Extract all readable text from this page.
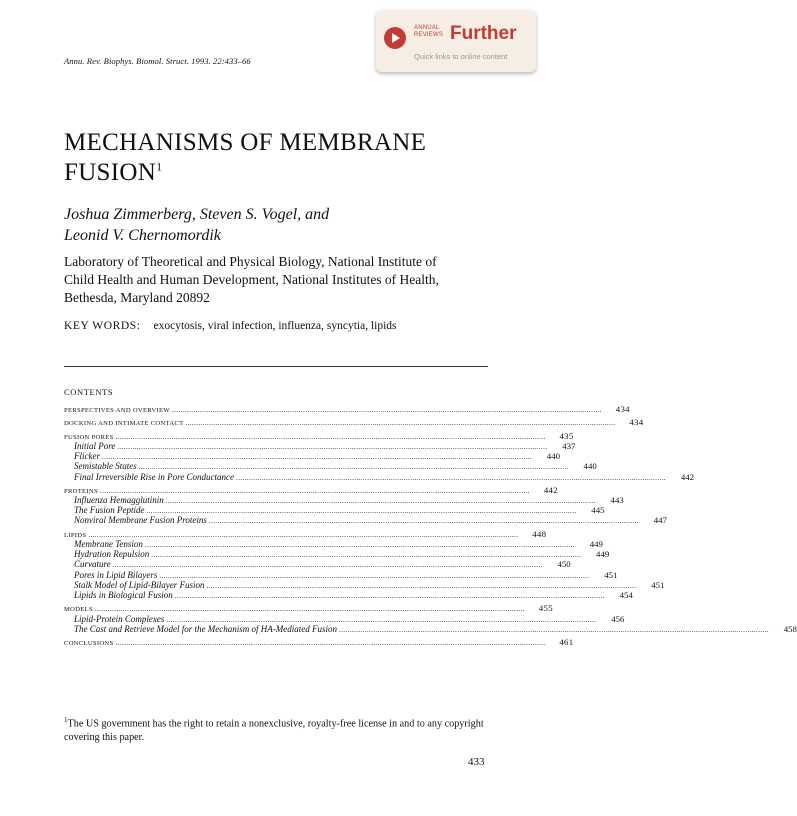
Annu. Rev. Biophys. Biomol. Struct. 1993. 22:433–66
ANNUAL
REVIEWS Further
Quick links to online content
MECHANISMS OF MEMBRANE
FUSION$^1$
Joshua Zimmerberg, Steven S. Vogel, and
Leonid V. Chernomordik
Laboratory of Theoretical and Physical Biology, National Institute of
Child Health and Human Development, National Institutes of Health,
Bethesda, Maryland 20892
KEY WORDS: exocytosis, viral infection, influenza, syncytia, lipids
CONTENTS
PERSPECTIVES AND OVERVIEW ........................................................................................................................................................................................................	434
DOCKING AND INTIMATE CONTACT ........................................................................................................................................................................................................	434
FUSION PORES ........................................................................................................................................................................................................	435
Initial Pore ........................................................................................................................................................................................................	437
Flicker ........................................................................................................................................................................................................	440
Semistable States ........................................................................................................................................................................................................	440
Final Irreversible Rise in Pore Conductance ........................................................................................................................................................................................................	442
PROTEINS ........................................................................................................................................................................................................	442
Influenza Hemagglutinin ........................................................................................................................................................................................................	443
The Fusion Peptide ........................................................................................................................................................................................................	445
Nonviral Membrane Fusion Proteins ........................................................................................................................................................................................................	447
LIPIDS ........................................................................................................................................................................................................	448
Membrane Tension ........................................................................................................................................................................................................	449
Hydration Repulsion ........................................................................................................................................................................................................	449
Curvature ........................................................................................................................................................................................................	450
Pores in Lipid Bilayers ........................................................................................................................................................................................................	451
Stalk Model of Lipid-Bilayer Fusion ........................................................................................................................................................................................................	451
Lipids in Biological Fusion ........................................................................................................................................................................................................	454
MODELS ........................................................................................................................................................................................................	455
Lipid-Protein Complexes ........................................................................................................................................................................................................	456
The Cast and Retrieve Model for the Mechanism of HA-Mediated Fusion ........................................................................................................................................................................................................	458
CONCLUSIONS ........................................................................................................................................................................................................	461
$^1$The US government has the right to retain a nonexclusive, royalty-free license in and to any copyright covering this paper.
433
